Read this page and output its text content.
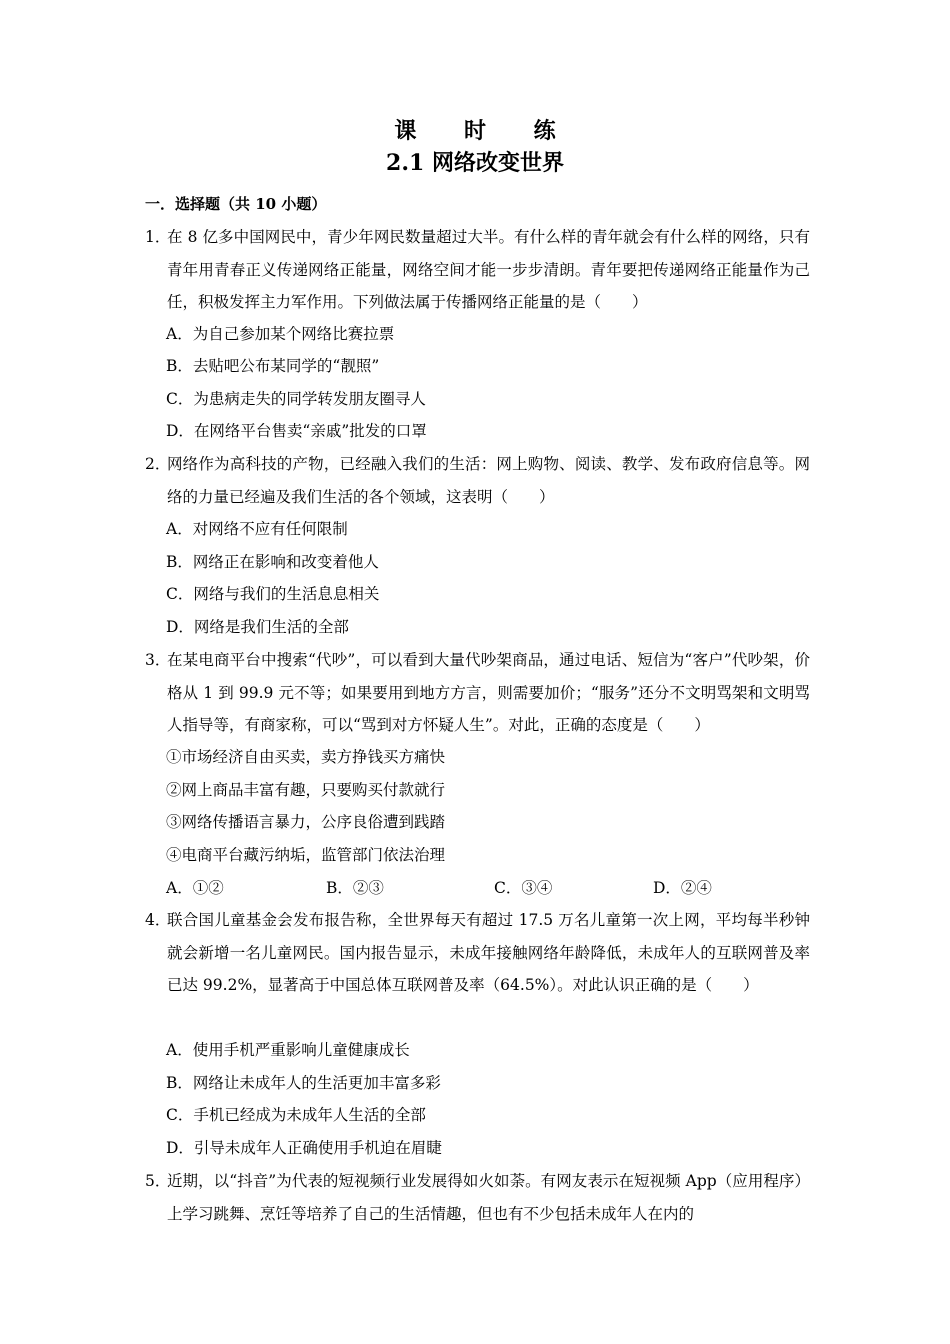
课 时 练
2.1 网络改变世界
一．选择题（共 10 小题）
1．
在 8 亿多中国网民中，青少年网民数量超过大半。有什么样的青年就会有什么样的网络，只有青年用青春正义传递网络正能量，网络空间才能一步步清朗。青年要把传递网络正能量作为己任，积极发挥主力军作用。下列做法属于传播网络正能量的是（　　）
A．为自己参加某个网络比赛拉票
B．去贴吧公布某同学的“靓照”
C．为患病走失的同学转发朋友圈寻人
D．在网络平台售卖“亲戚”批发的口罩
2．
网络作为高科技的产物，已经融入我们的生活：网上购物、阅读、教学、发布政府信息等。网络的力量已经遍及我们生活的各个领域，这表明（　　）
A．对网络不应有任何限制
B．网络正在影响和改变着他人
C．网络与我们的生活息息相关
D．网络是我们生活的全部
3．
在某电商平台中搜索“代吵”，可以看到大量代吵架商品，通过电话、短信为“客户”代吵架，价格从 1 到 99.9 元不等；如果要用到地方方言，则需要加价；“服务”还分不文明骂架和文明骂人指导等，有商家称，可以“骂到对方怀疑人生”。对此，正确的态度是（　　）
①市场经济自由买卖，卖方挣钱买方痛快
②网上商品丰富有趣，只要购买付款就行
③网络传播语言暴力，公序良俗遭到践踏
④电商平台藏污纳垢，监管部门依法治理
A．①②	B．②③	C．③④	D．②④
4．
联合国儿童基金会发布报告称，全世界每天有超过 17.5 万名儿童第一次上网，平均每半秒钟就会新增一名儿童网民。国内报告显示，未成年接触网络年龄降低，未成年人的互联网普及率已达 99.2%，显著高于中国总体互联网普及率（64.5%）。对此认识正确的是（　　）
A．使用手机严重影响儿童健康成长
B．网络让未成年人的生活更加丰富多彩
C．手机已经成为未成年人生活的全部
D．引导未成年人正确使用手机迫在眉睫
5．
近期，以“抖音”为代表的短视频行业发展得如火如荼。有网友表示在短视频 App（应用程序）上学习跳舞、烹饪等培养了自己的生活情趣，但也有不少包括未成年人在内的
